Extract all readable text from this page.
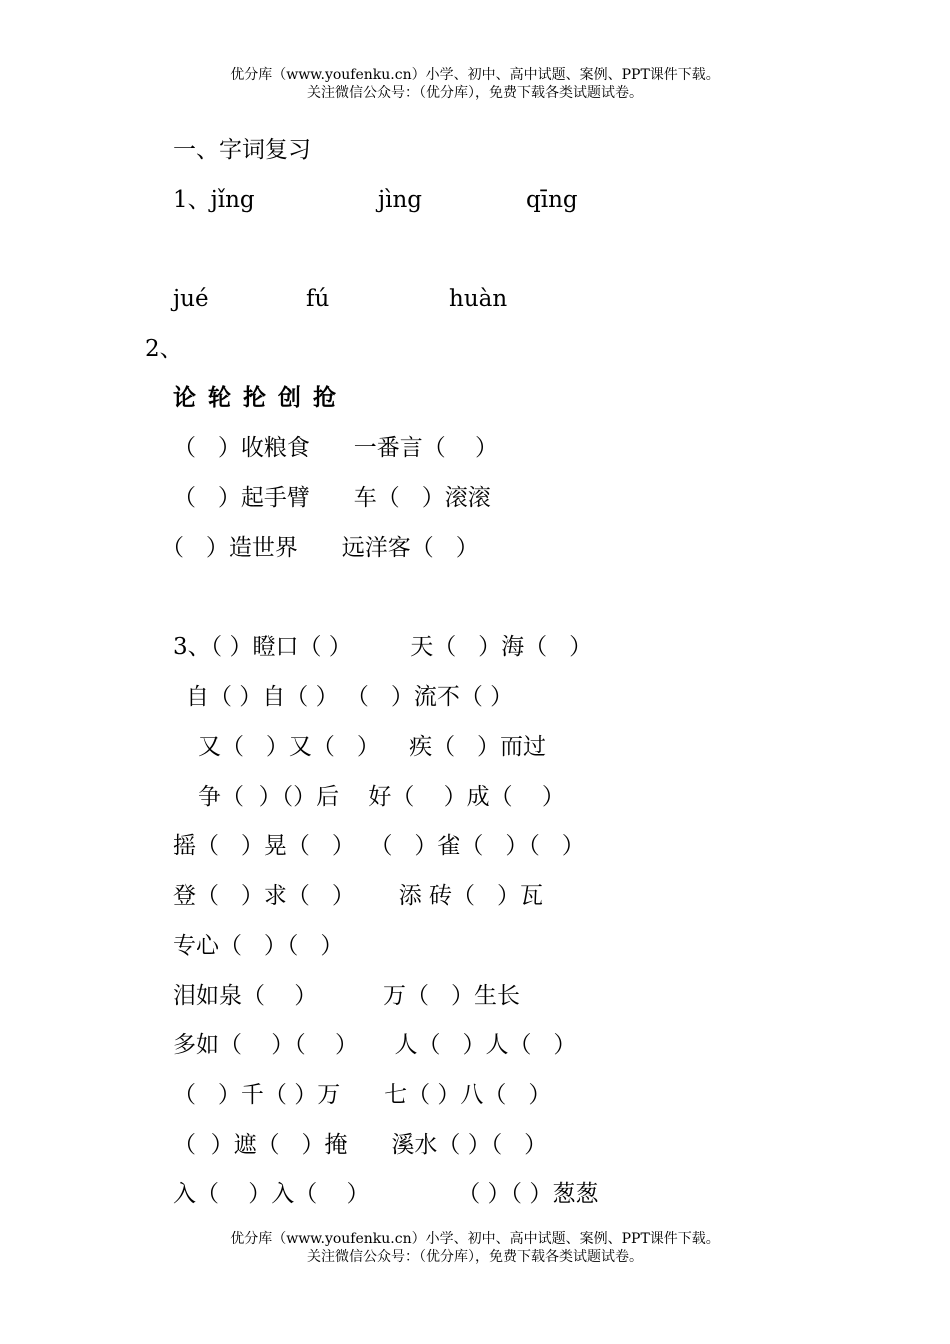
优分库（www.youfenku.cn）小学、初中、高中试题、案例、PPT课件下载。
关注微信公众号：（优分库），免费下载各类试题试卷。
一、字词复习
1、jǐng	jìng	qīng
jué	fú	huàn
2、
论 轮 抡 创 抢
（   ）收粮食      一番言（    ）
（   ）起手臂      车（   ）滚滚
（   ）造世界      远洋客（   ）
3、（ ）瞪口（ ）        天（   ）海（   ）
自（ ）自（ ） （   ）流不（ ）
又（   ）又（   ）    疾（   ）而过
争（  ）（）后    好（    ）成（    ）
摇（   ）晃（   ）  （   ）雀（   ）（   ）
登（   ）求（   ）      添 砖（   ）瓦
专心（   ）（   ）
泪如泉（    ）         万（   ）生长
多如（    ）（    ）     人（   ）人（   ）
（   ）千（ ）万      七（ ）八（   ）
（  ）遮（   ）掩      溪水（ ）（   ）
入（    ）入（    ）            （ ）（ ）葱葱
优分库（www.youfenku.cn）小学、初中、高中试题、案例、PPT课件下载。
关注微信公众号：（优分库），免费下载各类试题试卷。
